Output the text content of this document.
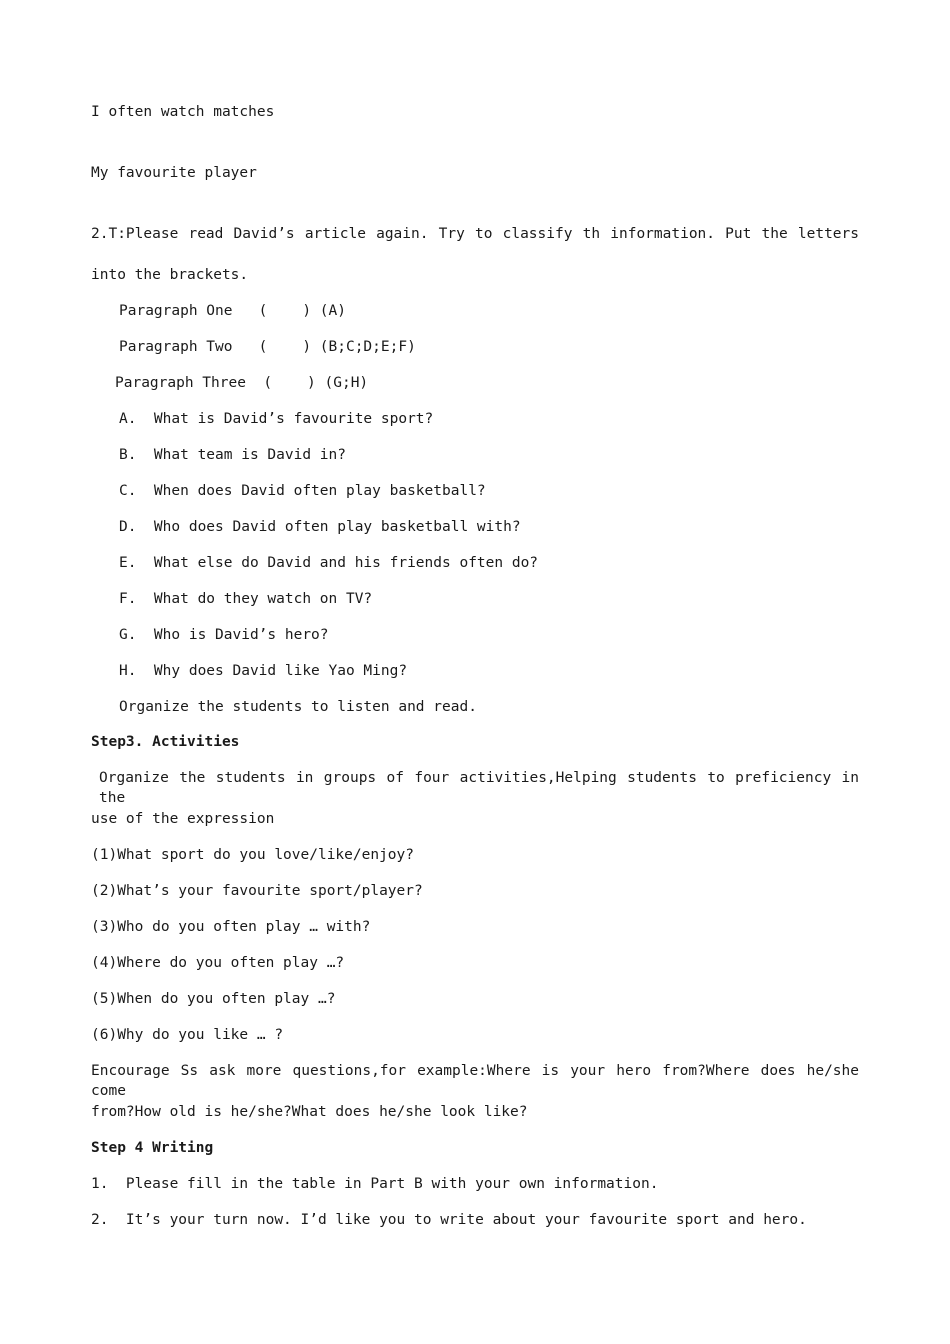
I often watch matches
My favourite player
2.T:Please read David’s article again. Try to classify th information. Put the letters
into the brackets.
Paragraph One   (    ) (A)
Paragraph Two   (    ) (B;C;D;E;F)
Paragraph Three  (    ) (G;H)
A.  What is David’s favourite sport?
B.  What team is David in?
C.  When does David often play basketball?
D.  Who does David often play basketball with?
E.  What else do David and his friends often do?
F.  What do they watch on TV?
G.  Who is David’s hero?
H.  Why does David like Yao Ming?
Organize the students to listen and read.
Step3. Activities
Organize the students in groups of four activities,Helping students to preficiency in the
use of the expression
(1)What sport do you love/like/enjoy?
(2)What’s your favourite sport/player?
(3)Who do you often play … with?
(4)Where do you often play …?
(5)When do you often play …?
(6)Why do you like … ?
Encourage Ss ask more questions,for example:Where is your hero from?Where does he/she come
from?How old is he/she?What does he/she look like?
Step 4 Writing
1.  Please fill in the table in Part B with your own information.
2.  It’s your turn now. I’d like you to write about your favourite sport and hero.
